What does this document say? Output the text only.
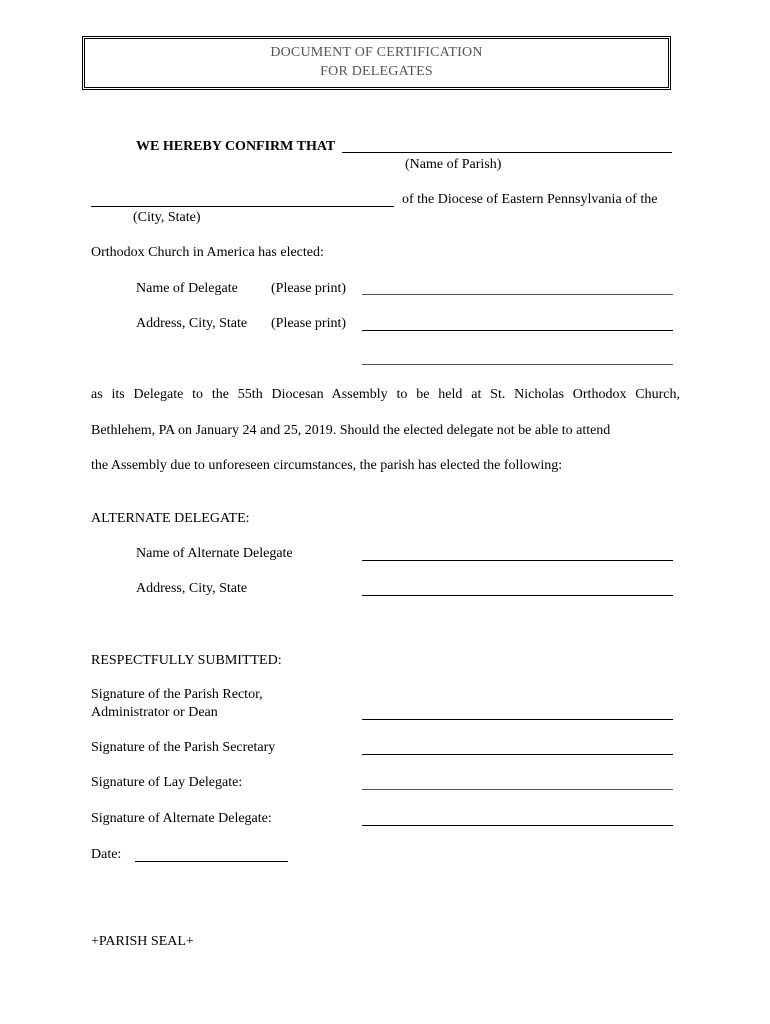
DOCUMENT OF CERTIFICATION
FOR DELEGATES
WE HEREBY CONFIRM THAT
(Name of Parish)
of the Diocese of Eastern Pennsylvania of the
(City, State)
Orthodox Church in America has elected:
Name of Delegate (Please print)
Address, City, State (Please print)
as its Delegate to the 55th Diocesan Assembly to be held at St. Nicholas Orthodox Church,
Bethlehem, PA on January 24 and 25, 2019. Should the elected delegate not be able to attend
the Assembly due to unforeseen circumstances, the parish has elected the following:
ALTERNATE DELEGATE:
Name of Alternate Delegate
Address, City, State
RESPECTFULLY SUBMITTED:
Signature of the Parish Rector,
Administrator or Dean
Signature of the Parish Secretary
Signature of Lay Delegate:
Signature of Alternate Delegate:
Date:
+PARISH SEAL+
